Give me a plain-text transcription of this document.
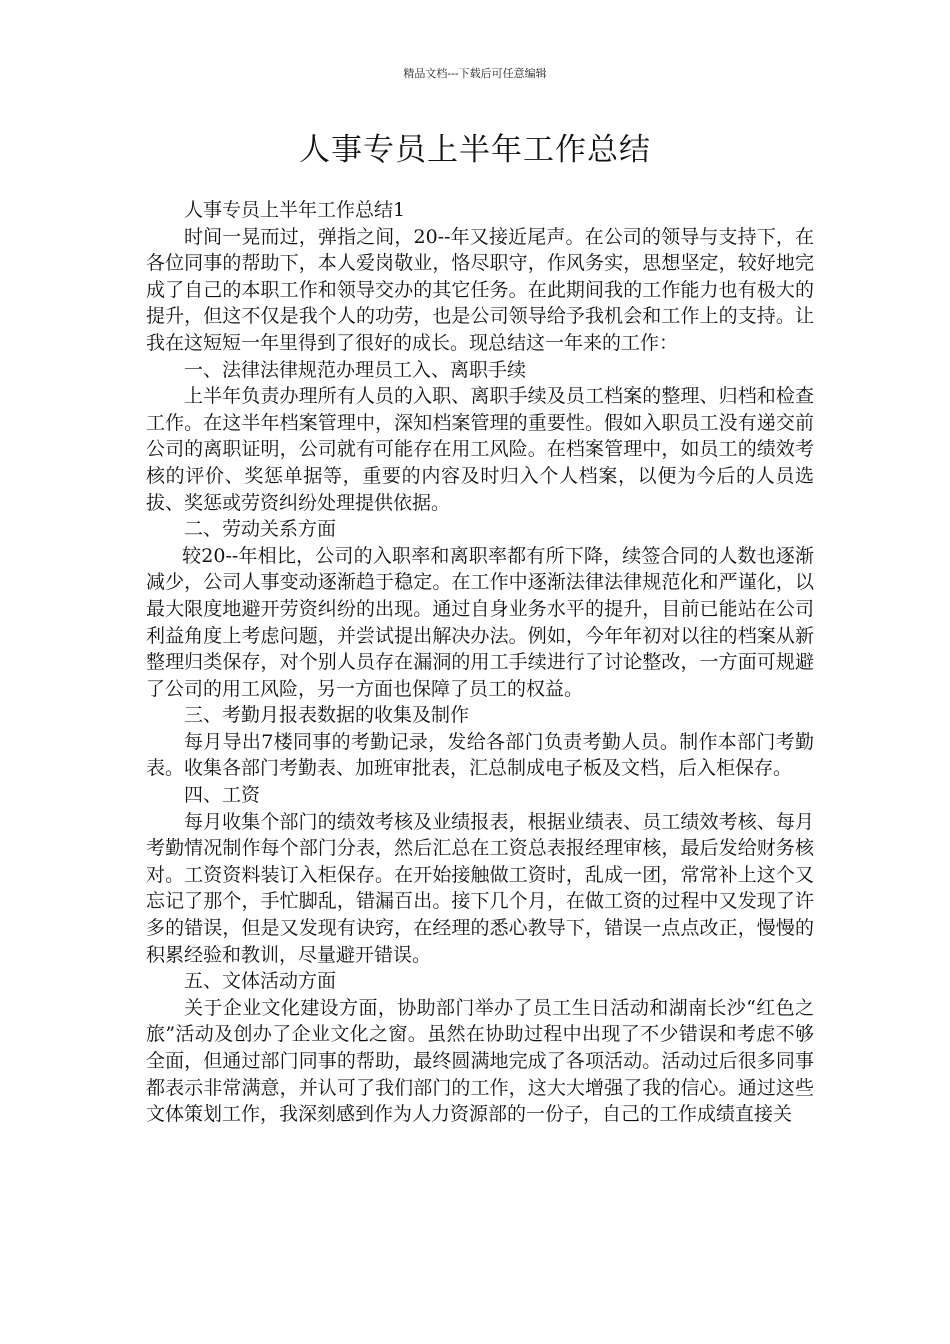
精品文档---下载后可任意编辑
人事专员上半年工作总结

人事专员上半年工作总结1

时间一晃而过，弹指之间，20--年又接近尾声。在公司的领导与支持下，在各位同事的帮助下，本人爱岗敬业，恪尽职守，作风务实，思想坚定，较好地完成了自己的本职工作和领导交办的其它任务。在此期间我的工作能力也有极大的提升，但这不仅是我个人的功劳，也是公司领导给予我机会和工作上的支持。让我在这短短一年里得到了很好的成长。现总结这一年来的工作：

一、法律法律规范办理员工入、离职手续

上半年负责办理所有人员的入职、离职手续及员工档案的整理、归档和检查工作。在这半年档案管理中，深知档案管理的重要性。假如入职员工没有递交前公司的离职证明，公司就有可能存在用工风险。在档案管理中，如员工的绩效考核的评价、奖惩单据等，重要的内容及时归入个人档案，以便为今后的人员选拔、奖惩或劳资纠纷处理提供依据。

二、劳动关系方面

较20--年相比，公司的入职率和离职率都有所下降，续签合同的人数也逐渐减少，公司人事变动逐渐趋于稳定。在工作中逐渐法律法律规范化和严谨化，以最大限度地避开劳资纠纷的出现。通过自身业务水平的提升，目前已能站在公司利益角度上考虑问题，并尝试提出解决办法。例如，今年年初对以往的档案从新整理归类保存，对个别人员存在漏洞的用工手续进行了讨论整改，一方面可规避了公司的用工风险，另一方面也保障了员工的权益。

三、考勤月报表数据的收集及制作

每月导出7楼同事的考勤记录，发给各部门负责考勤人员。制作本部门考勤表。收集各部门考勤表、加班审批表，汇总制成电子板及文档，后入柜保存。

四、工资

每月收集个部门的绩效考核及业绩报表，根据业绩表、员工绩效考核、每月考勤情况制作每个部门分表，然后汇总在工资总表报经理审核，最后发给财务核对。工资资料装订入柜保存。在开始接触做工资时，乱成一团，常常补上这个又忘记了那个，手忙脚乱，错漏百出。接下几个月，在做工资的过程中又发现了许多的错误，但是又发现有诀窍，在经理的悉心教导下，错误一点点改正，慢慢的积累经验和教训，尽量避开错误。

五、文体活动方面

关于企业文化建设方面，协助部门举办了员工生日活动和湖南长沙“红色之旅”活动及创办了企业文化之窗。虽然在协助过程中出现了不少错误和考虑不够全面，但通过部门同事的帮助，最终圆满地完成了各项活动。活动过后很多同事都表示非常满意，并认可了我们部门的工作，这大大增强了我的信心。通过这些文体策划工作，我深刻感到作为人力资源部的一份子，自己的工作成绩直接关
